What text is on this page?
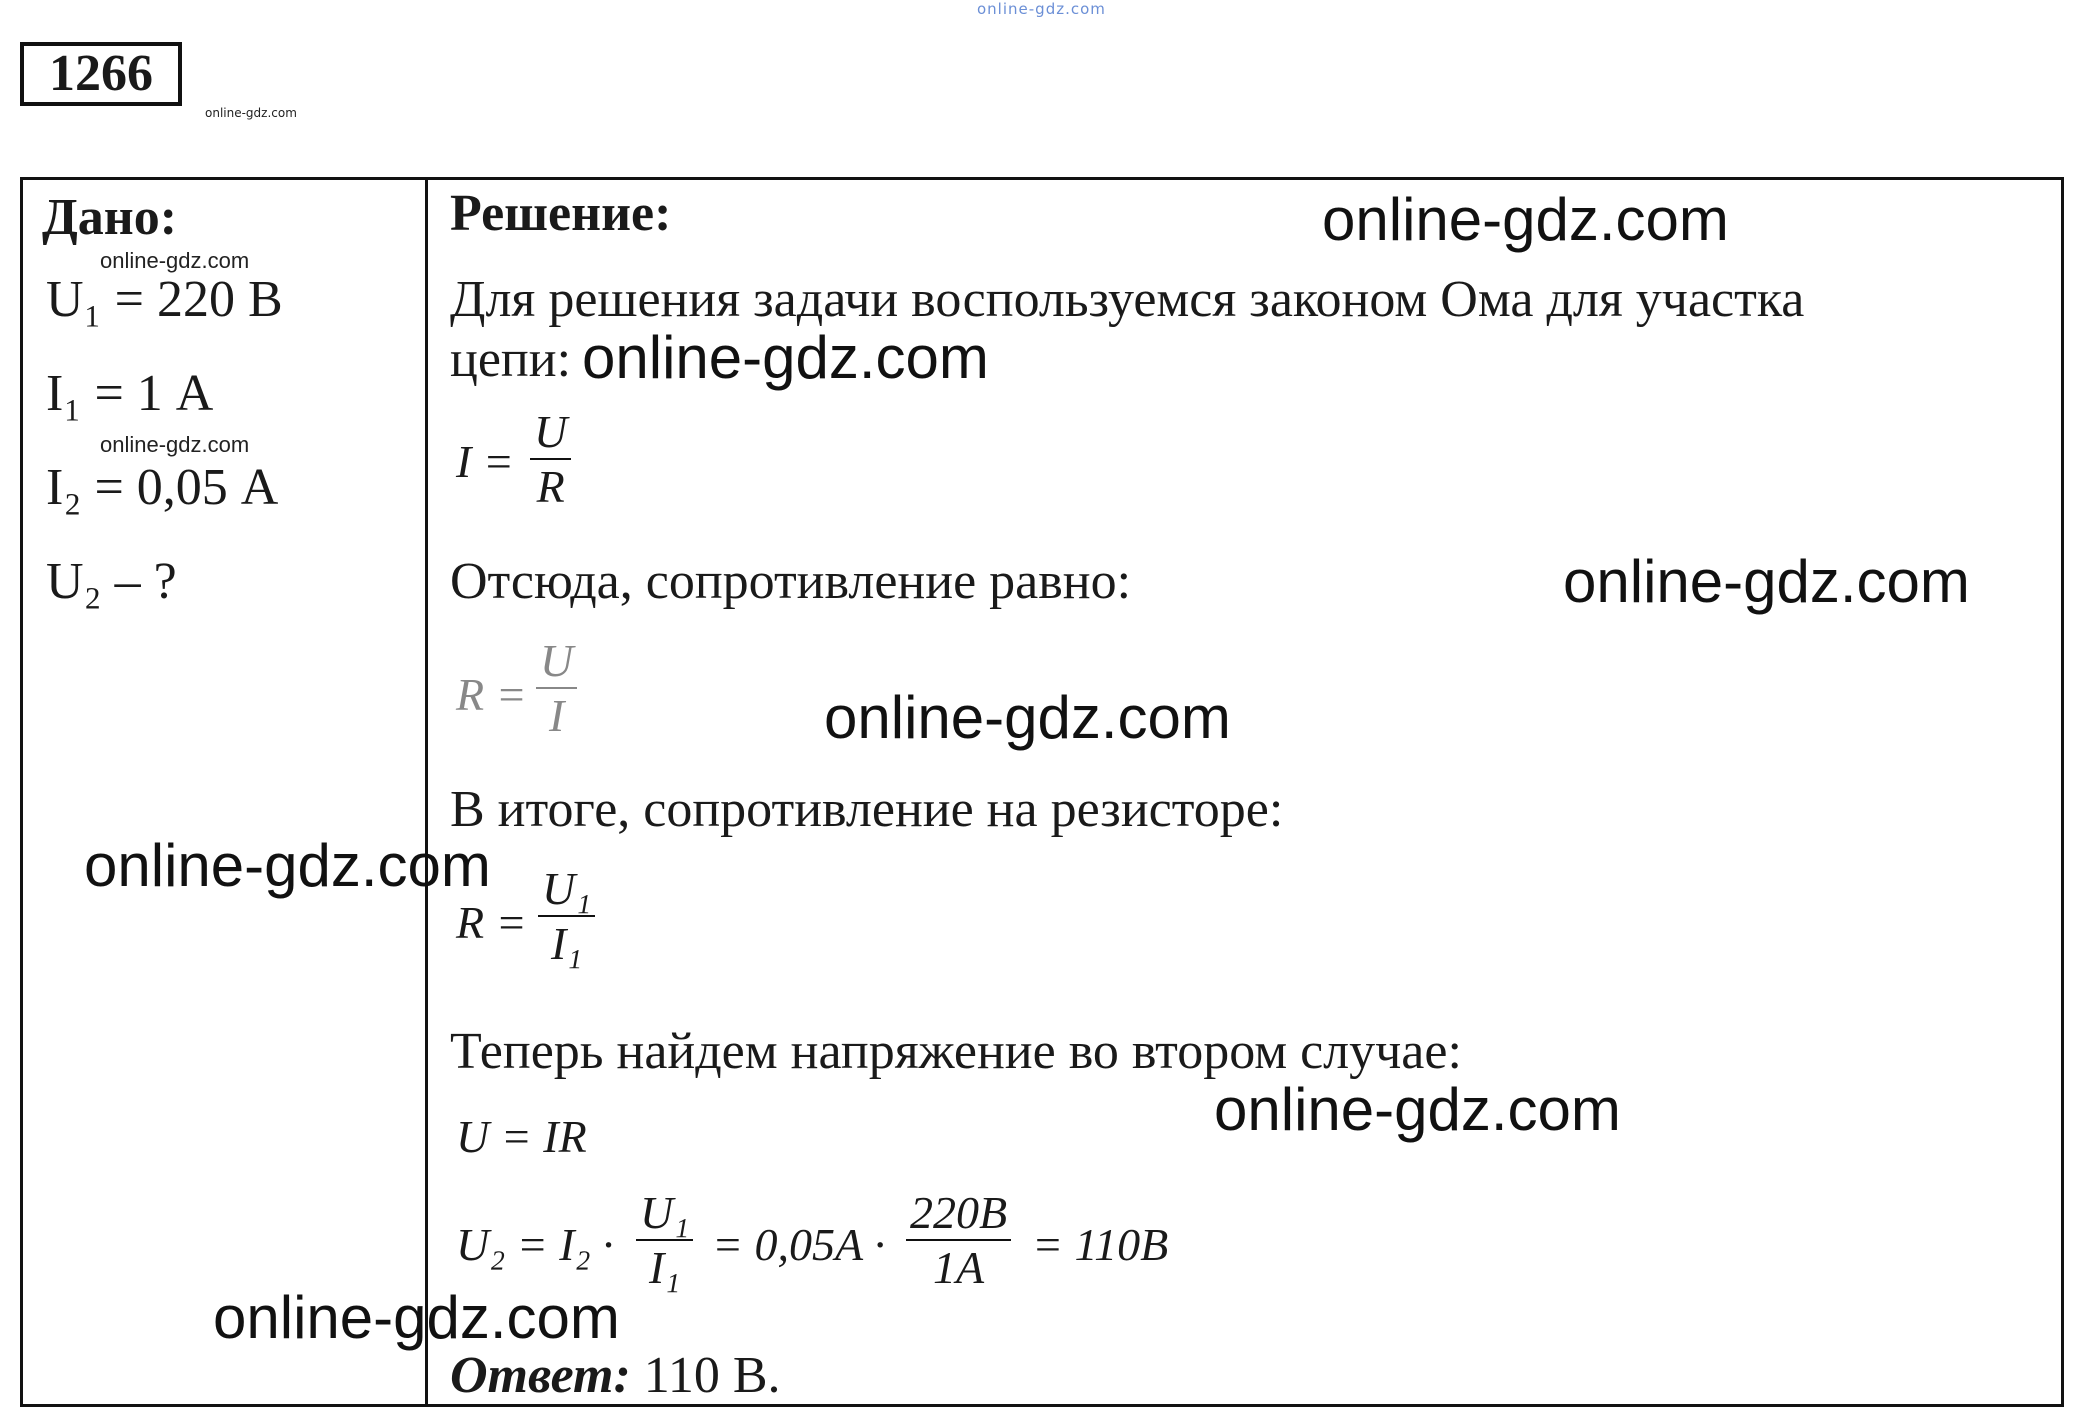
online-gdz.com
1266
online-gdz.com
Дано:
online-gdz.com
U₁ = 220 В
I₁ = 1 А
online-gdz.com
I₂ = 0,05 А
U₂ – ?
Решение:
Для решения задачи воспользуемся законом Ома для участка
цепи:
$I = \frac{U}{R}$
Отсюда, сопротивление равно:
$R = \frac{U}{I}$
В итоге, сопротивление на резисторе:
$R = \frac{\text{U₁}}{\text{I₁}}$
Теперь найдем напряжение во втором случае:
U = IR
$U_2 = I_2 \cdot \frac{\text{U₁}}{\text{I₁}} = 0,05A \cdot \frac{220B}{1A} = 110B$
Ответ: 110 В.
online-gdz.com
online-gdz.com
online-gdz.com
online-gdz.com
online-gdz.com
online-gdz.com
online-gdz.com
